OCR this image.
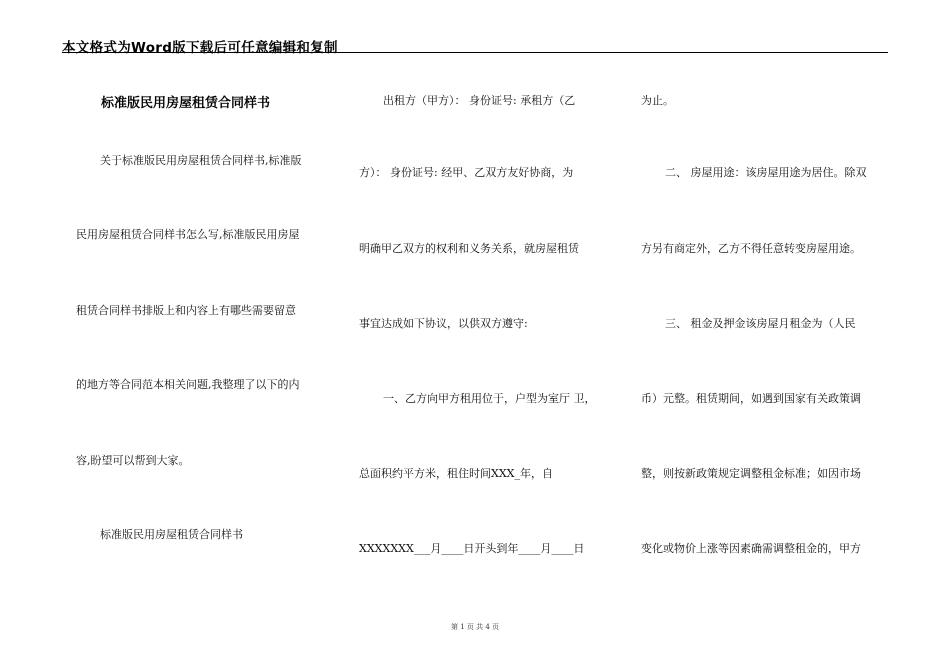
本文格式为Word版下载后可任意编辑和复制
标准版民用房屋租赁合同样书
关于标准版民用房屋租赁合同样书,标准版
民用房屋租赁合同样书怎么写,标准版民用房屋
租赁合同样书排版上和内容上有哪些需要留意
的地方等合同范本相关问题,我整理了以下的内
容,盼望可以帮到大家。
标准版民用房屋租赁合同样书
出租方（甲方）： 身份证号: 承租方（乙
方）： 身份证号: 经甲、乙双方友好协商，为
明确甲乙双方的权利和义务关系，就房屋租赁
事宜达成如下协议，以供双方遵守:
一、乙方向甲方租用位于，户型为室厅 卫，
总面积约平方米，租住时间XXX_年，自
XXXXXXX___月____日开头到年____月____日
为止。
二、 房屋用途：该房屋用途为居住。除双
方另有商定外，乙方不得任意转变房屋用途。
三、 租金及押金该房屋月租金为（人民
币）元整。租赁期间，如遇到国家有关政策调
整，则按新政策规定调整租金标准；如因市场
变化或物价上涨等因素确需调整租金的，甲方
第 1 页 共 4 页
